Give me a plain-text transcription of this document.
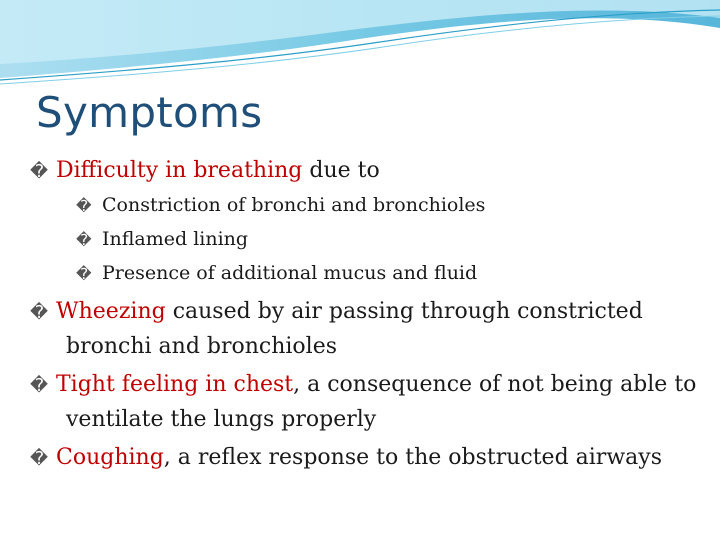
Symptoms
� Difficulty in breathing due to
� Constriction of bronchi and bronchioles
� Inflamed lining
� Presence of additional mucus and fluid
� Wheezing caused by air passing through constricted bronchi and bronchioles
� Tight feeling in chest, a consequence of not being able to ventilate the lungs properly
� Coughing, a reflex response to the obstructed airways
